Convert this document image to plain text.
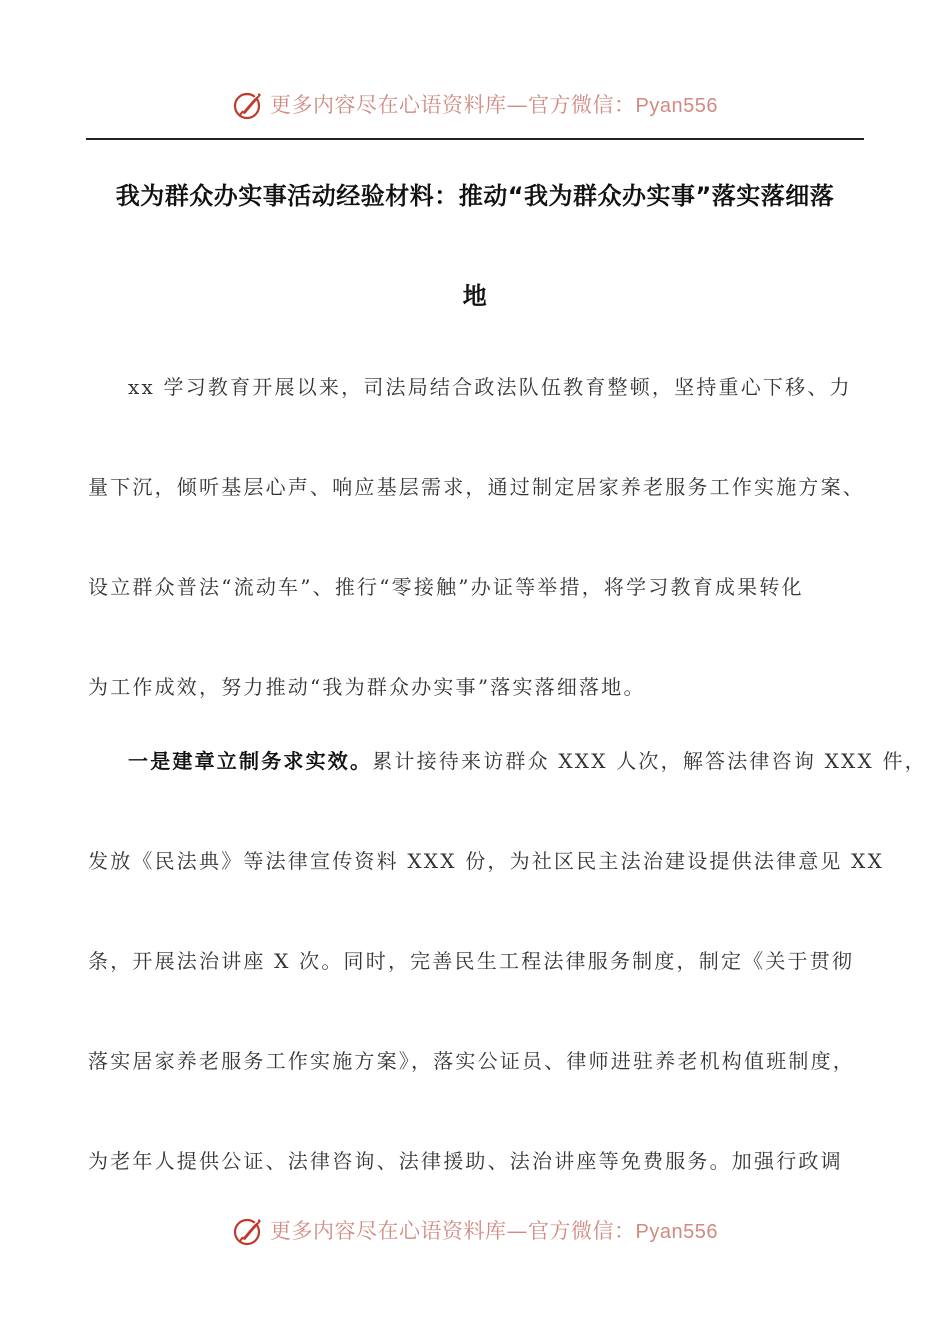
更多内容尽在心语资料库—官方微信：Pyan556
我为群众办实事活动经验材料：推动“我为群众办实事”落实落细落
地
xx 学习教育开展以来，司法局结合政法队伍教育整顿，坚持重心下移、力
量下沉，倾听基层心声、响应基层需求，通过制定居家养老服务工作实施方案、
设立群众普法“流动车”、推行“零接触”办证等举措，将学习教育成果转化
为工作成效，努力推动“我为群众办实事”落实落细落地。
一是建章立制务求实效。累计接待来访群众 XXX 人次，解答法律咨询 XXX 件，
发放《民法典》等法律宣传资料 XXX 份，为社区民主法治建设提供法律意见 XX
条，开展法治讲座 X 次。同时，完善民生工程法律服务制度，制定《关于贯彻
落实居家养老服务工作实施方案》，落实公证员、律师进驻养老机构值班制度，
为老年人提供公证、法律咨询、法律援助、法治讲座等免费服务。加强行政调
更多内容尽在心语资料库—官方微信：Pyan556
